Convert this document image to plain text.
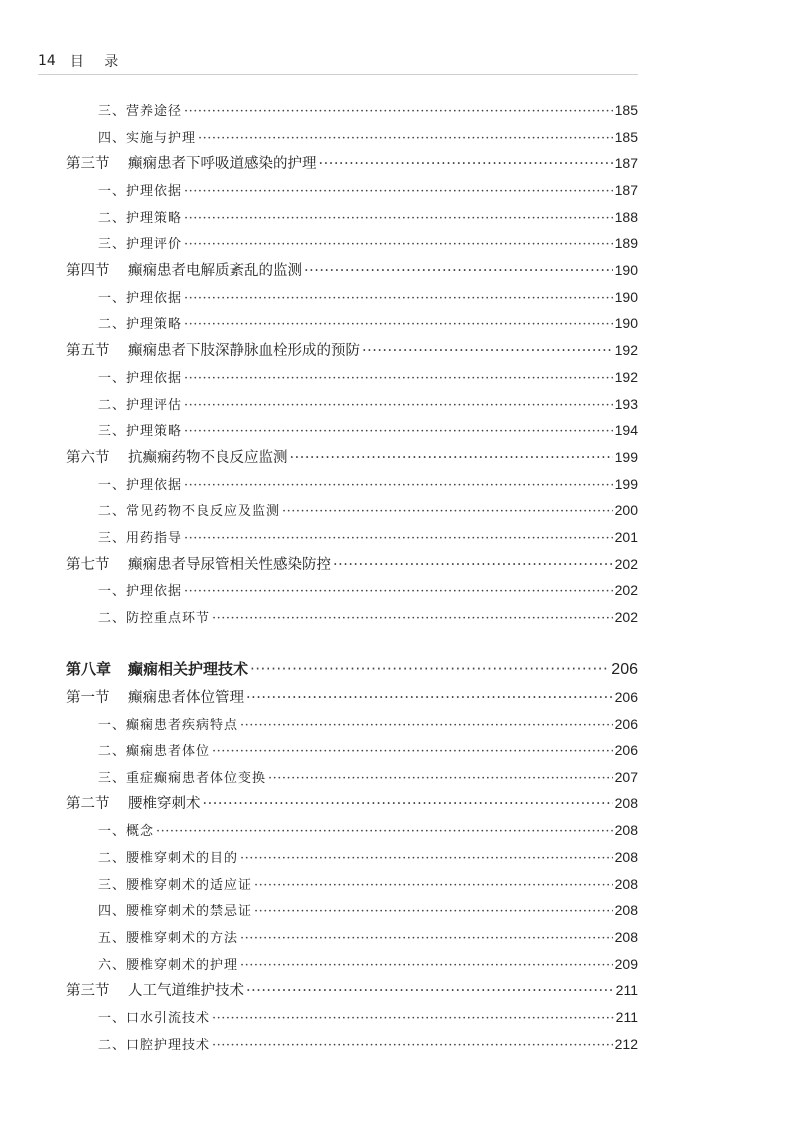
14 目 录
三、营养途径 ·····	185
四、实施与护理 ·····	185
第三节 癫痫患者下呼吸道感染的护理 ·····	187
一、护理依据 ·····	187
二、护理策略 ·····	188
三、护理评价 ·····	189
第四节 癫痫患者电解质紊乱的监测 ·····	190
一、护理依据 ·····	190
二、护理策略 ·····	190
第五节 癫痫患者下肢深静脉血栓形成的预防 ·····	192
一、护理依据 ·····	192
二、护理评估 ·····	193
三、护理策略 ·····	194
第六节 抗癫痫药物不良反应监测 ·····	199
一、护理依据 ·····	199
二、常见药物不良反应及监测 ·····	200
三、用药指导 ·····	201
第七节 癫痫患者导尿管相关性感染防控 ·····	202
一、护理依据 ·····	202
二、防控重点环节 ·····	202
第八章 癫痫相关护理技术 ·····	206
第一节 癫痫患者体位管理 ·····	206
一、癫痫患者疾病特点 ·····	206
二、癫痫患者体位 ·····	206
三、重症癫痫患者体位变换 ·····	207
第二节 腰椎穿刺术 ·····	208
一、概念 ·····	208
二、腰椎穿刺术的目的 ·····	208
三、腰椎穿刺术的适应证 ·····	208
四、腰椎穿刺术的禁忌证 ·····	208
五、腰椎穿刺术的方法 ·····	208
六、腰椎穿刺术的护理 ·····	209
第三节 人工气道维护技术 ·····	211
一、口水引流技术 ·····	211
二、口腔护理技术 ·····	212
